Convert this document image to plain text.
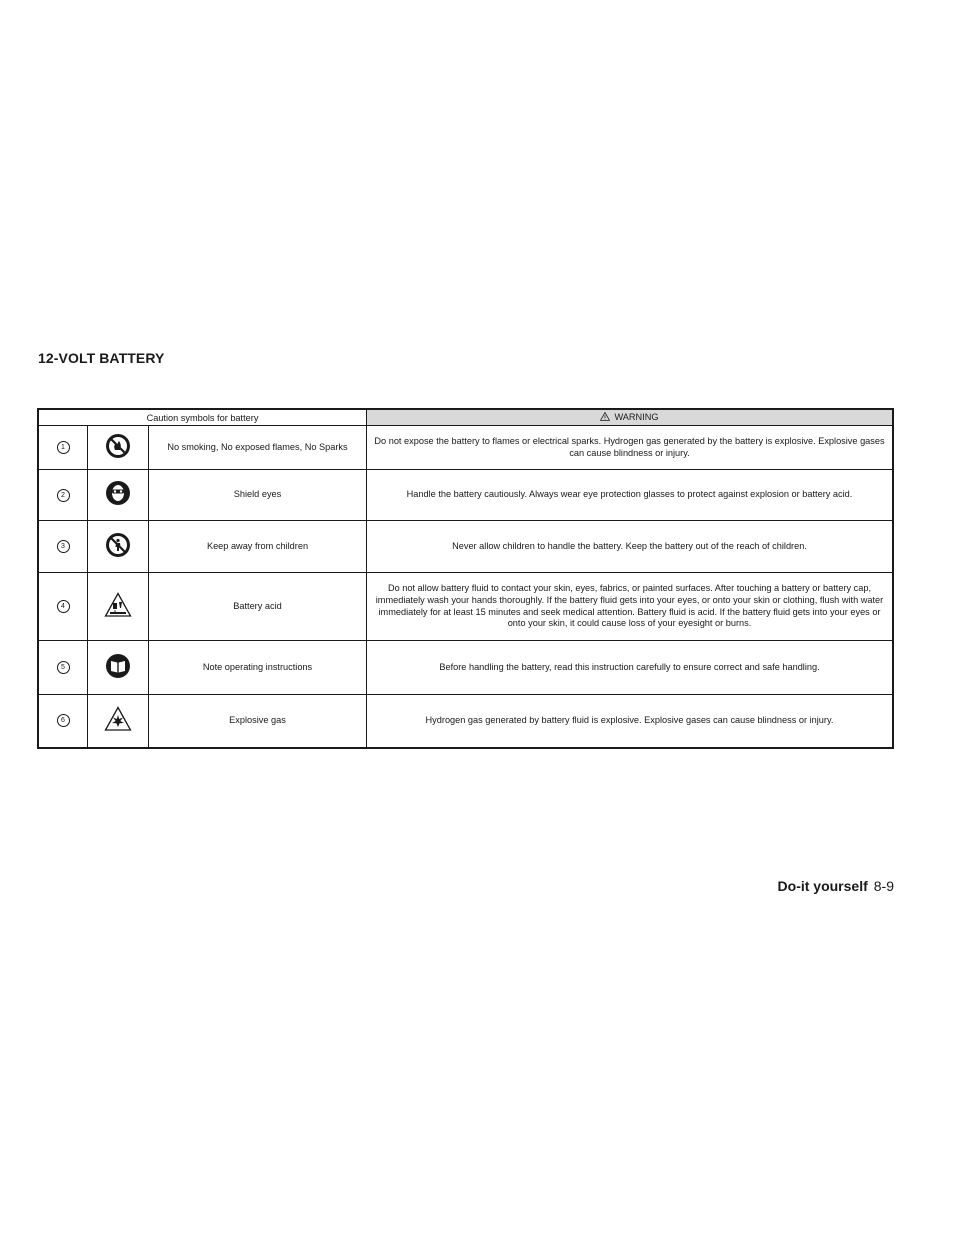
12-VOLT BATTERY
Caution symbols for battery			WARNING

1		No smoking, No exposed flames, No Sparks	Do not expose the battery to flames or electrical sparks. Hydrogen gas generated by the battery is explosive. Explosive gases can cause blindness or injury.
2		Shield eyes	Handle the battery cautiously. Always wear eye protection glasses to protect against explosion or battery acid.
3		Keep away from children	Never allow children to handle the battery. Keep the battery out of the reach of children.
4		Battery acid	Do not allow battery fluid to contact your skin, eyes, fabrics, or painted surfaces. After touching a battery or battery cap, immediately wash your hands thoroughly. If the battery fluid gets into your eyes, or onto your skin or clothing, flush with water immediately for at least 15 minutes and seek medical attention. Battery fluid is acid. If the battery fluid gets into your eyes or onto your skin, it could cause loss of your eyesight or burns.
5		Note operating instructions	Before handling the battery, read this instruction carefully to ensure correct and safe handling.
6		Explosive gas	Hydrogen gas generated by battery fluid is explosive. Explosive gases can cause blindness or injury.
Do-it yourself 8-9
